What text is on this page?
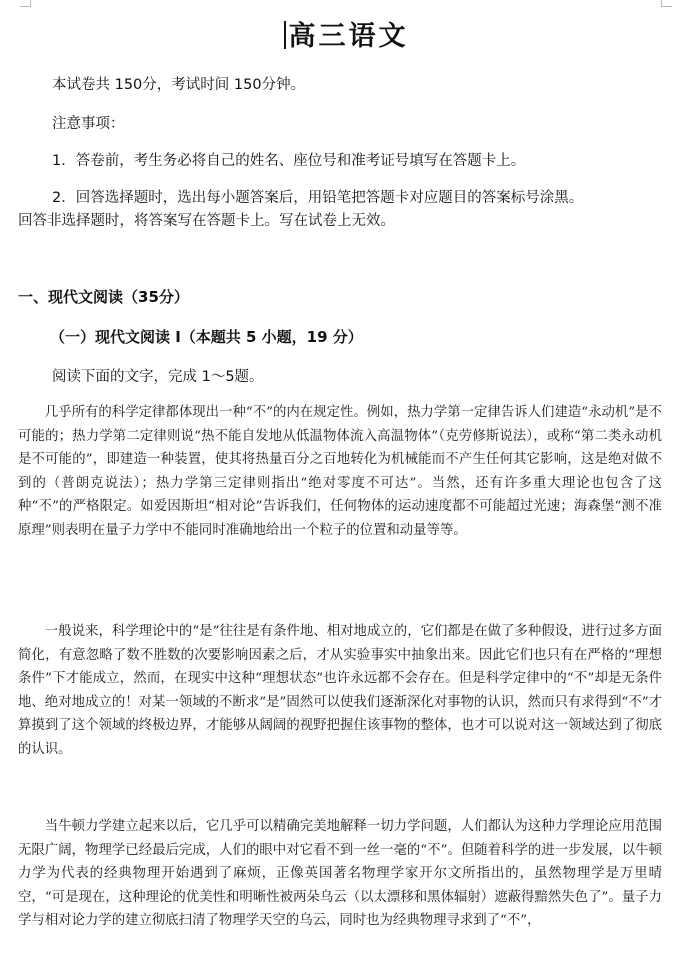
高三语文
本试卷共 150分，考试时间 150分钟。
注意事项：
1．答卷前，考生务必将自己的姓名、座位号和准考证号填写在答题卡上。
2．回答选择题时，选出每小题答案后，用铅笔把答题卡对应题目的答案标号涂黑。
回答非选择题时，将答案写在答题卡上。写在试卷上无效。
一、现代文阅读（35分）
（一）现代文阅读 I（本题共 5 小题，19 分）
阅读下面的文字，完成 1～5题。
几乎所有的科学定律都体现出一种“不”的内在规定性。例如，热力学第一定律告诉人们建造“永动机”是不可能的；热力学第二定律则说“热不能自发地从低温物体流入高温物体”（克劳修斯说法），或称“第二类永动机是不可能的”，即建造一种装置，使其将热量百分之百地转化为机械能而不产生任何其它影响，这是绝对做不到的（普朗克说法）；热力学第三定律则指出“绝对零度不可达”。当然，还有许多重大理论也包含了这种“不”的严格限定。如爱因斯坦“相对论”告诉我们，任何物体的运动速度都不可能超过光速；海森堡“测不准原理”则表明在量子力学中不能同时准确地给出一个粒子的位置和动量等等。
一般说来，科学理论中的“是”往往是有条件地、相对地成立的，它们都是在做了多种假设，进行过多方面简化，有意忽略了数不胜数的次要影响因素之后，才从实验事实中抽象出来。因此它们也只有在严格的“理想条件”下才能成立，然而，在现实中这种“理想状态”也许永远都不会存在。但是科学定律中的“不”却是无条件地、绝对地成立的！对某一领域的不断求“是”固然可以使我们逐渐深化对事物的认识，然而只有求得到“不”才算摸到了这个领域的终极边界，才能够从阔阔的视野把握住该事物的整体，也才可以说对这一领域达到了彻底的认识。
当牛顿力学建立起来以后，它几乎可以精确完美地解释一切力学问题，人们都认为这种力学理论应用范围无限广阔，物理学已经最后完成，人们的眼中对它看不到一丝一毫的“不”。但随着科学的进一步发展，以牛顿力学为代表的经典物理开始遇到了麻烦，正像英国著名物理学家开尔文所指出的，虽然物理学是万里晴空，“可是现在，这种理论的优美性和明晰性被两朵乌云（以太漂移和黑体辐射）遮蔽得黯然失色了”。量子力学与相对论力学的建立彻底扫清了物理学天空的乌云，同时也为经典物理寻求到了“不”，
